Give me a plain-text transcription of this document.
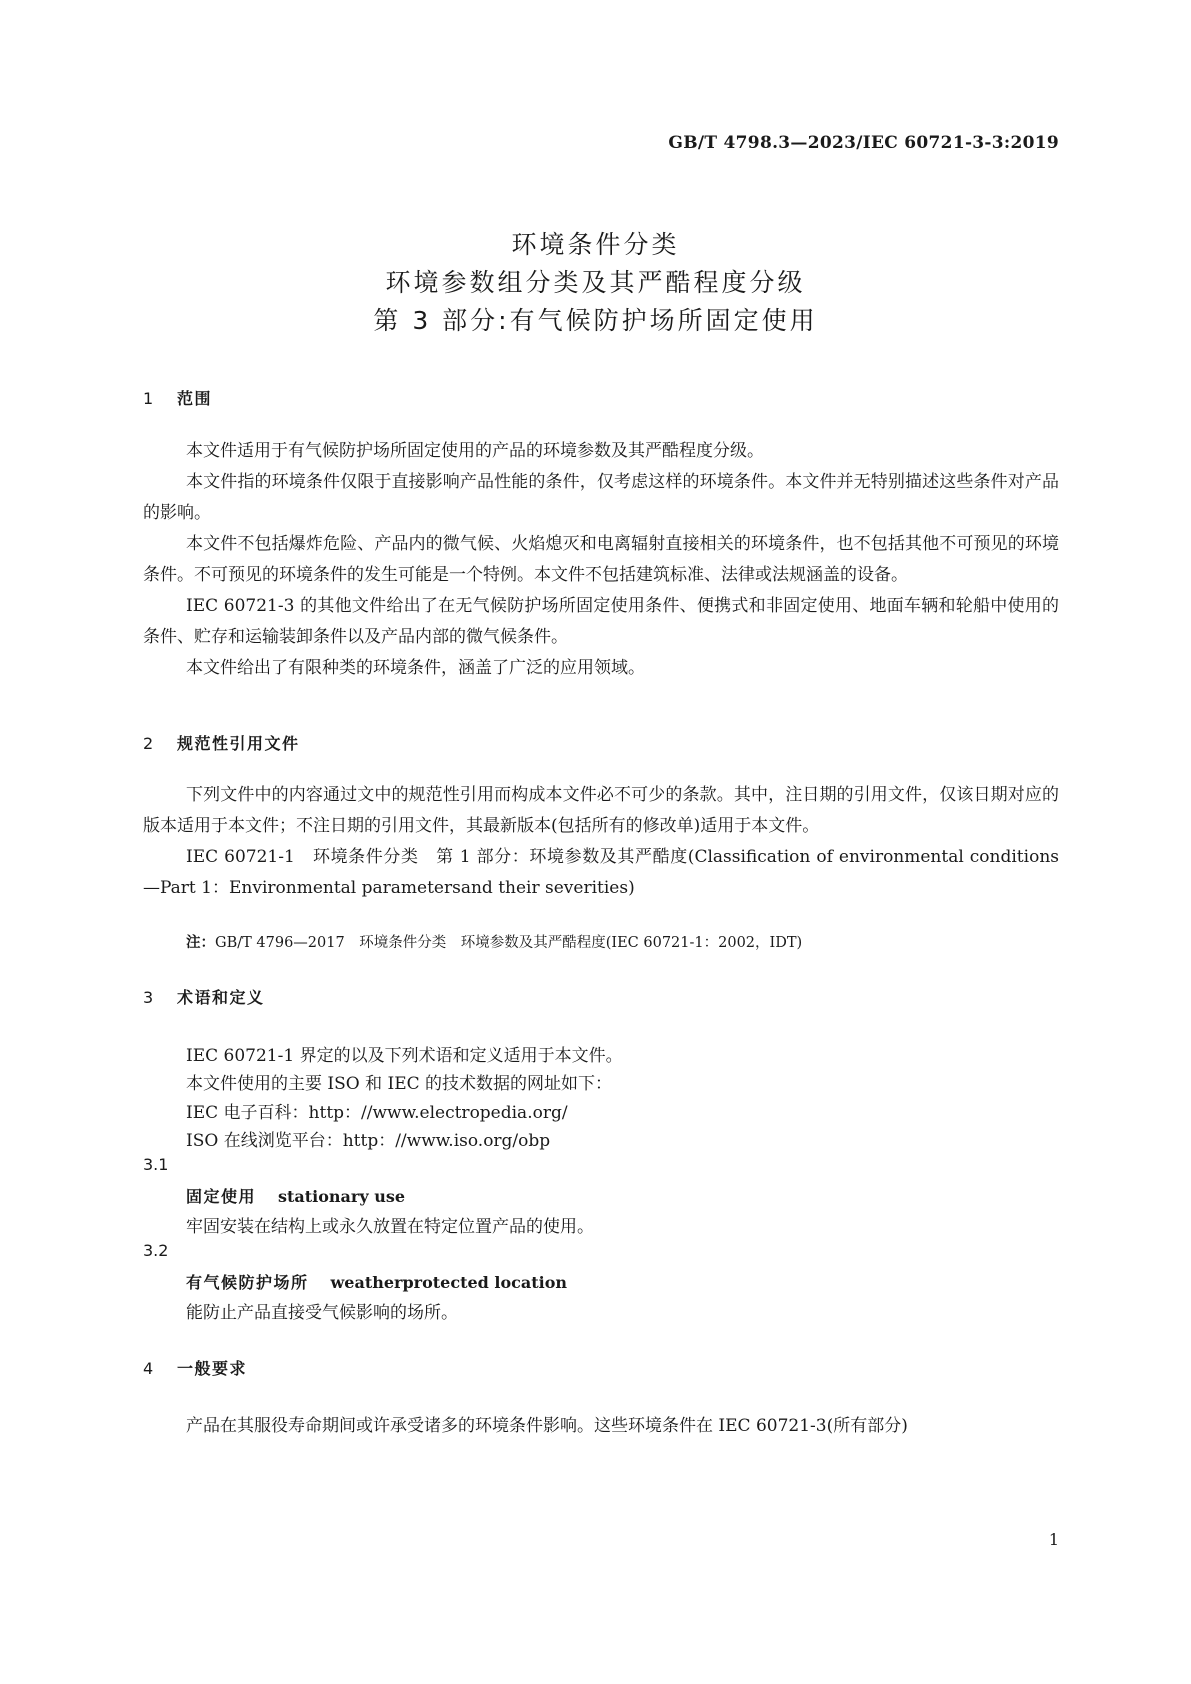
GB/T 4798.3—2023/IEC 60721-3-3:2019
环境条件分类
环境参数组分类及其严酷程度分级
第 3 部分:有气候防护场所固定使用
1 范围

本文件适用于有气候防护场所固定使用的产品的环境参数及其严酷程度分级。

本文件指的环境条件仅限于直接影响产品性能的条件，仅考虑这样的环境条件。本文件并无特别描述这些条件对产品的影响。

本文件不包括爆炸危险、产品内的微气候、火焰熄灭和电离辐射直接相关的环境条件，也不包括其他不可预见的环境条件。不可预见的环境条件的发生可能是一个特例。本文件不包括建筑标准、法律或法规涵盖的设备。

IEC 60721-3 的其他文件给出了在无气候防护场所固定使用条件、便携式和非固定使用、地面车辆和轮船中使用的条件、贮存和运输装卸条件以及产品内部的微气候条件。

本文件给出了有限种类的环境条件，涵盖了广泛的应用领域。

2 规范性引用文件

下列文件中的内容通过文中的规范性引用而构成本文件必不可少的条款。其中，注日期的引用文件，仅该日期对应的版本适用于本文件；不注日期的引用文件，其最新版本(包括所有的修改单)适用于本文件。

IEC 60721-1　环境条件分类　第 1 部分：环境参数及其严酷度(Classification of environmental conditions—Part 1：Environmental parametersand their severities)

注：GB/T 4796—2017　环境条件分类　环境参数及其严酷程度(IEC 60721-1：2002，IDT)
3 术语和定义
IEC 60721-1 界定的以及下列术语和定义适用于本文件。
本文件使用的主要 ISO 和 IEC 的技术数据的网址如下：
IEC 电子百科：http：//www.electropedia.org/
ISO 在线浏览平台：http：//www.iso.org/obp
3.1
固定使用 stationary use
牢固安装在结构上或永久放置在特定位置产品的使用。
3.2
有气候防护场所 weatherprotected location
能防止产品直接受气候影响的场所。
4 一般要求
产品在其服役寿命期间或许承受诸多的环境条件影响。这些环境条件在 IEC 60721-3(所有部分)
1
